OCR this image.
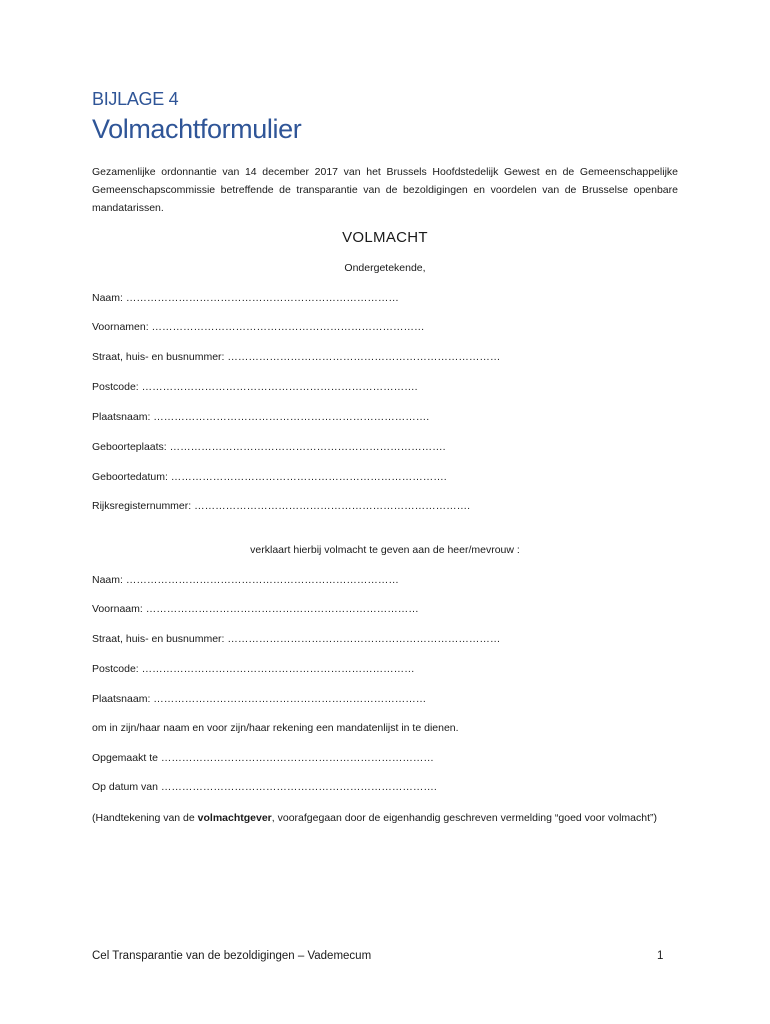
BIJLAGE 4
Volmachtformulier
Gezamenlijke ordonnantie van 14 december 2017 van het Brussels Hoofdstedelijk Gewest en de Gemeenschappelijke Gemeenschapscommissie betreffende de transparantie van de bezoldigingen en voordelen van de Brusselse openbare mandatarissen.
VOLMACHT
Ondergetekende,
Naam: ……………………………………………………………………
Voornamen: ……………………………………………………………………
Straat, huis- en busnummer: ……………………………………………………………………
Postcode: …………………………………………………………………….
Plaatsnaam: …………………………………………………………………….
Geboorteplaats: …………………………………………………………………….
Geboortedatum: …………………………………………………………………….
Rijksregisternummer: …………………………………………………………………….
verklaart hierbij volmacht te geven aan de heer/mevrouw :
Naam: ……………………………………………………………………
Voornaam: ……………………………………………………………………
Straat, huis- en busnummer: ……………………………………………………………………
Postcode: ……………………………………………………………………
Plaatsnaam: ……………………………………………………………………
om in zijn/haar naam en voor zijn/haar rekening een mandatenlijst in te dienen.
Opgemaakt te ……………………………………………………………………
Op datum van …………………………………………………………………….
(Handtekening van de volmachtgever, voorafgegaan door de eigenhandig geschreven vermelding “goed voor volmacht”)
Cel Transparantie van de bezoldigingen – Vademecum	1
